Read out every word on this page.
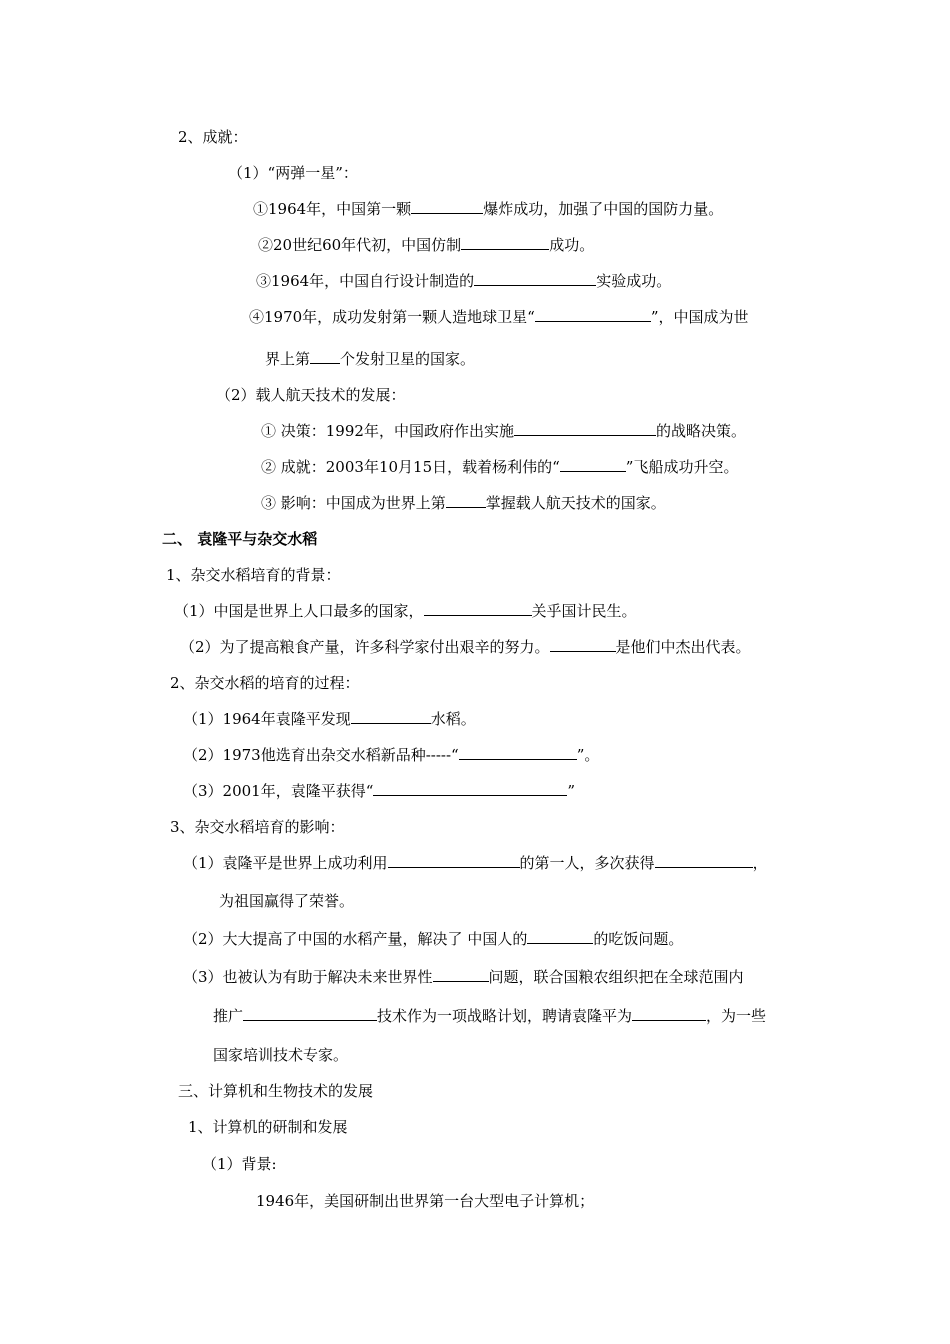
2、成就：
（1）“两弹一星”：
①1964年，中国第一颗	爆炸成功，加强了中国的国防力量。
②20世纪60年代初，中国仿制	成功。
③1964年，中国自行设计制造的	实验成功。
④1970年，成功发射第一颗人造地球卫星“	”，中国成为世
界上第 个发射卫星的国家。
（2）载人航天技术的发展：
① 决策：1992年，中国政府作出实施	的战略决策。
② 成就：2003年10月15日，载着杨利伟的“	”飞船成功升空。
③ 影响：中国成为世界上第	掌握载人航天技术的国家。
二、 袁隆平与杂交水稻
1、杂交水稻培育的背景：
（1）中国是世界上人口最多的国家，	关乎国计民生。
（2）为了提高粮食产量，许多科学家付出艰辛的努力。	是他们中杰出代表。
2、杂交水稻的培育的过程：
（1）1964年袁隆平发现	水稻。
（2）1973他选育出杂交水稻新品种-----“	”。
（3）2001年，袁隆平获得“	”
3、杂交水稻培育的影响：
（1）袁隆平是世界上成功利用	的第一人，多次获得	，
为祖国赢得了荣誉。
（2）大大提高了中国的水稻产量，解决了 中国人的	的吃饭问题。
（3）也被认为有助于解决未来世界性	问题，联合国粮农组织把在全球范围内
推广	技术作为一项战略计划，聘请袁隆平为	，为一些
国家培训技术专家。
三、计算机和生物技术的发展
1、计算机的研制和发展
（1）背景:
1946年，美国研制出世界第一台大型电子计算机；
